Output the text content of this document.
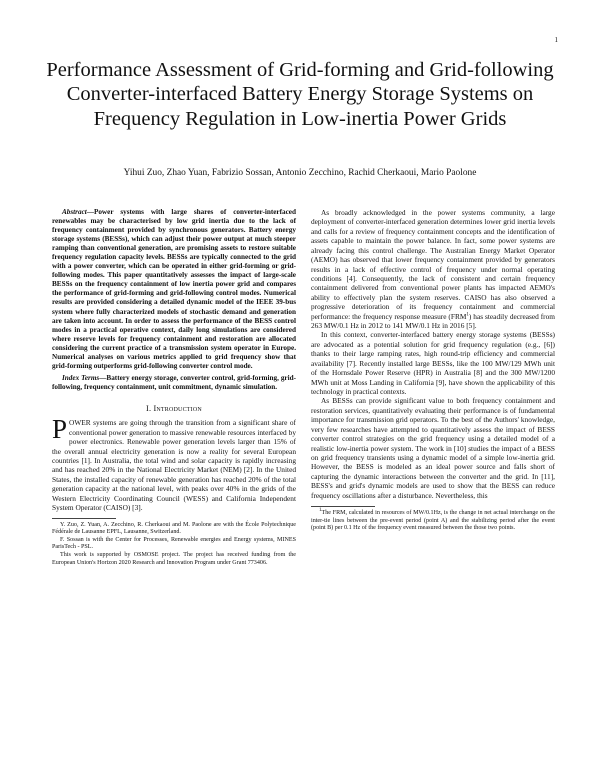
1
Performance Assessment of Grid-forming and Grid-following Converter-interfaced Battery Energy Storage Systems on Frequency Regulation in Low-inertia Power Grids
Yihui Zuo, Zhao Yuan, Fabrizio Sossan, Antonio Zecchino, Rachid Cherkaoui, Mario Paolone

Abstract—Power systems with large shares of converter-interfaced renewables may be characterised by low grid inertia due to the lack of frequency containment provided by synchronous generators. Battery energy storage systems (BESSs), which can adjust their power output at much steeper ramping than conventional generation, are promising assets to restore suitable frequency regulation capacity levels. BESSs are typically connected to the grid with a power converter, which can be operated in either grid-forming or grid-following modes. This paper quantitatively assesses the impact of large-scale BESSs on the frequency containment of low inertia power grid and compares the performance of grid-forming and grid-following control modes. Numerical results are provided considering a detailed dynamic model of the IEEE 39-bus system where fully characterized models of stochastic demand and generation are taken into account. In order to assess the performance of the BESS control modes in a practical operative context, daily long simulations are considered where reserve levels for frequency containment and restoration are allocated considering the current practice of a transmission system operator in Europe. Numerical analyses on various metrics applied to grid frequency show that grid-forming outperforms grid-following converter control mode.

Index Terms—Battery energy storage, converter control, grid-forming, grid-following, frequency containment, unit commitment, dynamic simulation.

I. Introduction

POWER systems are going through the transition from a significant share of conventional power generation to massive renewable resources interfaced by power electronics. Renewable power generation levels larger than 15% of the overall annual electricity generation is now a reality for several European countries [1]. In Australia, the total wind and solar capacity is rapidly increasing and has reached 20% in the National Electricity Market (NEM) [2]. In the United States, the installed capacity of renewable generation has reached 20% of the total generation capacity at the national level, with peaks over 40% in the grids of the Western Electricity Coordinating Council (WESS) and California Independent System Operator (CAISO) [3].

Y. Zuo, Z. Yuan, A. Zecchino, R. Cherkaoui and M. Paolone are with the École Polytechnique Fédérale de Lausanne EPFL, Lausanne, Switzerland.

F. Sossan is with the Center for Processes, Renewable energies and Energy systems, MINES ParisTech - PSL.

This work is supported by OSMOSE project. The project has received funding from the European Union's Horizon 2020 Research and Innovation Program under Grant 773406.

As broadly acknowledged in the power systems community, a large deployment of converter-interfaced generation determines lower grid inertia levels and calls for a review of frequency containment concepts and the identification of assets capable to maintain the power balance. In fact, some power systems are already facing this control challenge. The Australian Energy Market Operator (AEMO) has observed that lower frequency containment provided by generators results in a lack of effective control of frequency under normal operating conditions [4]. Consequently, the lack of consistent and certain frequency containment delivered from conventional power plants has impacted AEMO's ability to effectively plan the system reserves. CAISO has also observed a progressive deterioration of its frequency containment and commercial performance: the frequency response measure (FRM$^1$) has steadily decreased from 263 MW/0.1 Hz in 2012 to 141 MW/0.1 Hz in 2016 [5].

In this context, converter-interfaced battery energy storage systems (BESSs) are advocated as a potential solution for grid frequency regulation (e.g., [6]) thanks to their large ramping rates, high round-trip efficiency and commercial availability [7]. Recently installed large BESSs, like the 100 MW/129 MWh unit of the Hornsdale Power Reserve (HPR) in Australia [8] and the 300 MW/1200 MWh unit at Moss Landing in California [9], have shown the applicability of this technology in practical contexts.

As BESSs can provide significant value to both frequency containment and restoration services, quantitatively evaluating their performance is of fundamental importance for transmission grid operators. To the best of the Authors' knowledge, very few researches have attempted to quantitatively assess the impact of BESS converter control strategies on the grid frequency using a detailed model of a realistic low-inertia power system. The work in [10] studies the impact of a BESS on grid frequency transients using a dynamic model of a simple low-inertia grid. However, the BESS is modeled as an ideal power source and falls short of capturing the dynamic interactions between the converter and the grid. In [11], BESS's and grid's dynamic models are used to show that the BESS can reduce frequency oscillations after a disturbance. Nevertheless, this

$^1$The FRM, calculated in resources of MW/0.1Hz, is the change in net actual interchange on the inter-tie lines between the pre-event period (point A) and the stabilizing period after the event (point B) per 0.1 Hz of the frequency event measured between the those two points.
